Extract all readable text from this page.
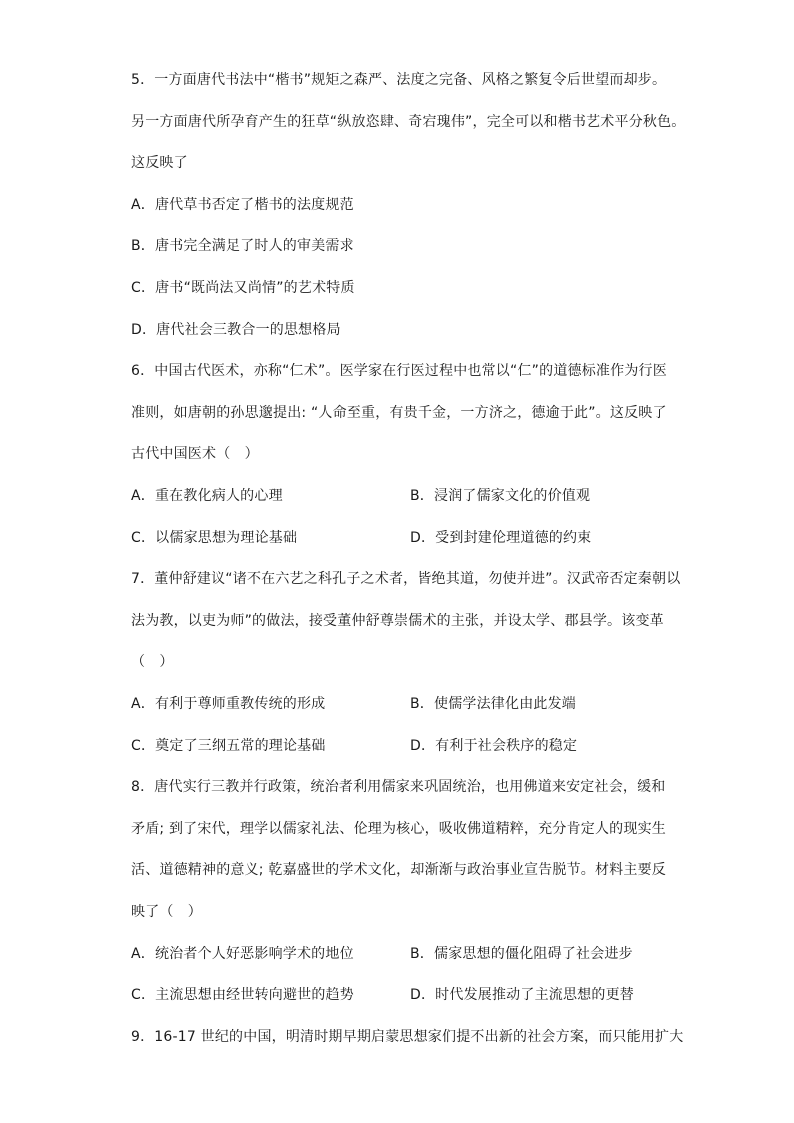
5．一方面唐代书法中“楷书”规矩之森严、法度之完备、风格之繁复令后世望而却步。
另一方面唐代所孕育产生的狂草“纵放恣肆、奇宕瑰伟”，完全可以和楷书艺术平分秋色。
这反映了
A．唐代草书否定了楷书的法度规范
B．唐书完全满足了时人的审美需求
C．唐书“既尚法又尚情”的艺术特质
D．唐代社会三教合一的思想格局
6．中国古代医术，亦称“仁术”。医学家在行医过程中也常以“仁”的道德标准作为行医
准则，如唐朝的孙思邈提出: “人命至重，有贵千金，一方济之，德逾于此”。这反映了
古代中国医术（　）
A．重在教化病人的心理	B．浸润了儒家文化的价值观
C．以儒家思想为理论基础	D．受到封建伦理道德的约束
7．董仲舒建议“诸不在六艺之科孔子之术者，皆绝其道，勿使并进”。汉武帝否定秦朝以
法为教，以吏为师”的做法，接受董仲舒尊崇儒术的主张，并设太学、郡县学。该变革
（　）
A．有利于尊师重教传统的形成	B．使儒学法律化由此发端
C．奠定了三纲五常的理论基础	D．有利于社会秩序的稳定
8．唐代实行三教并行政策，统治者利用儒家来巩固统治，也用佛道来安定社会，缓和
矛盾; 到了宋代，理学以儒家礼法、伦理为核心，吸收佛道精粹，充分肯定人的现实生
活、道德精神的意义; 乾嘉盛世的学术文化，却渐渐与政治事业宣告脱节。材料主要反
映了（　）
A．统治者个人好恶影响学术的地位	B．儒家思想的僵化阻碍了社会进步
C．主流思想由经世转向避世的趋势	D．时代发展推动了主流思想的更替
9．16-17 世纪的中国，明清时期早期启蒙思想家们提不出新的社会方案，而只能用扩大
